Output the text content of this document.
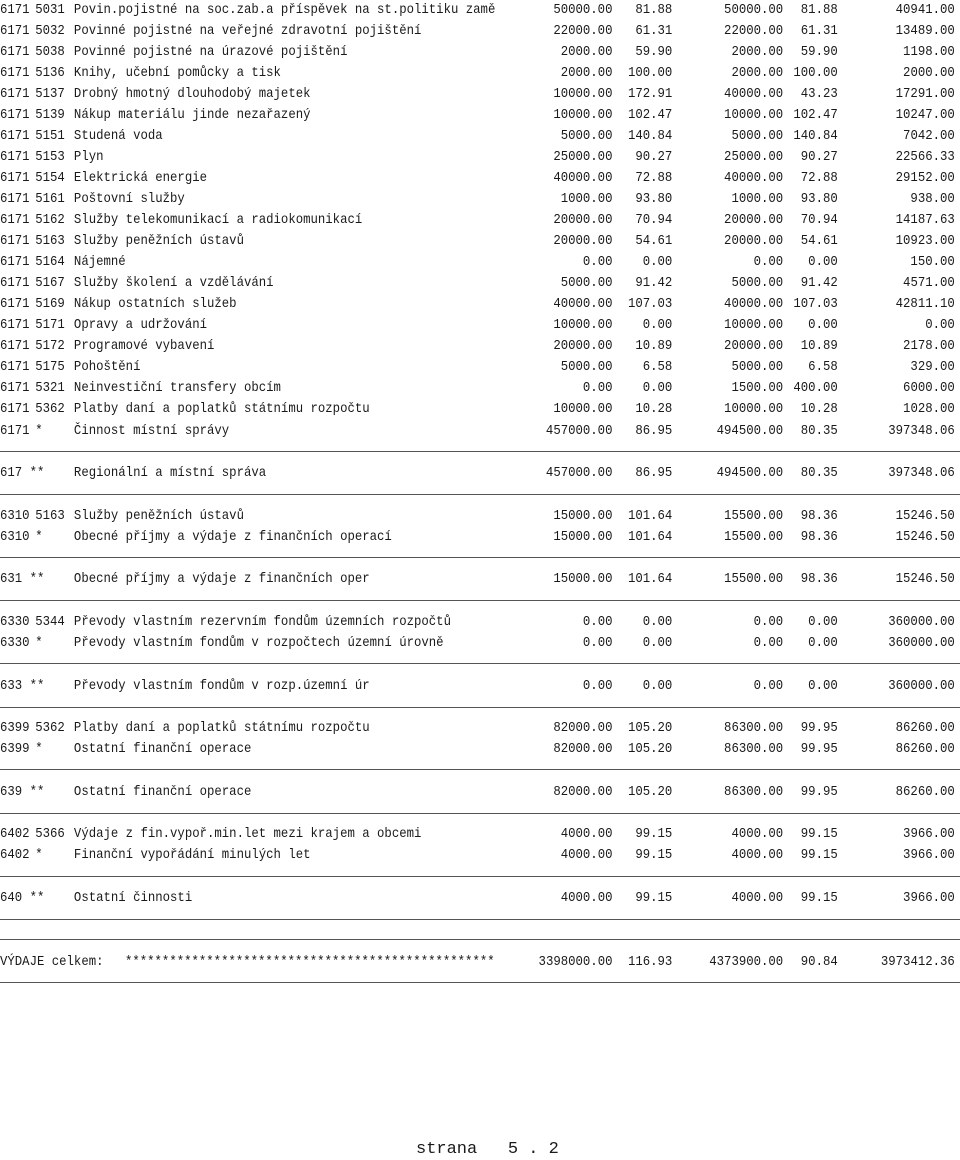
6171 5031 Povin.pojistné na soc.zab.a příspěvek na st.politiku zamě	50000.00	81.88	50000.00	81.88	40941.00
6171 5032 Povinné pojistné na veřejné zdravotní pojištění	22000.00	61.31	22000.00	61.31	13489.00
6171 5038 Povinné pojistné na úrazové pojištění	2000.00	59.90	2000.00	59.90	1198.00
6171 5136 Knihy, učební pomůcky a tisk	2000.00	100.00	2000.00 100.00	2000.00
6171 5137 Drobný hmotný dlouhodobý majetek	10000.00	172.91	40000.00	43.23	17291.00
6171 5139 Nákup materiálu jinde nezařazený	10000.00	102.47	10000.00 102.47	10247.00
6171 5151 Studená voda	5000.00	140.84	5000.00 140.84	7042.00
6171 5153 Plyn	25000.00	90.27	25000.00	90.27	22566.33
6171 5154 Elektrická energie	40000.00	72.88	40000.00	72.88	29152.00
6171 5161 Poštovní služby	1000.00	93.80	1000.00	93.80	938.00
6171 5162 Služby telekomunikací a radiokomunikací	20000.00	70.94	20000.00	70.94	14187.63
6171 5163 Služby peněžních ústavů	20000.00	54.61	20000.00	54.61	10923.00
6171 5164 Nájemné	0.00	0.00	0.00	0.00	150.00
6171 5167 Služby školení a vzdělávání	5000.00	91.42	5000.00	91.42	4571.00
6171 5169 Nákup ostatních služeb	40000.00	107.03	40000.00 107.03	42811.10
6171 5171 Opravy a udržování	10000.00	0.00	10000.00	0.00	0.00
6171 5172 Programové vybavení	20000.00	10.89	20000.00	10.89	2178.00
6171 5175 Pohoštění	5000.00	6.58	5000.00	6.58	329.00
6171 5321 Neinvestiční transfery obcím	0.00	0.00	1500.00 400.00	6000.00
6171 5362 Platby daní a poplatků státnímu rozpočtu	10000.00	10.28	10000.00	10.28	1028.00
6171 * Činnost místní správy	457000.00	86.95	494500.00	80.35	397348.06
617 ** Regionální a místní správa	457000.00	86.95	494500.00	80.35	397348.06
6310 5163 Služby peněžních ústavů	15000.00	101.64	15500.00	98.36	15246.50
6310 * Obecné příjmy a výdaje z finančních operací	15000.00	101.64	15500.00	98.36	15246.50
631 ** Obecné příjmy a výdaje z finančních oper	15000.00	101.64	15500.00	98.36	15246.50
6330 5344 Převody vlastním rezervním fondům územních rozpočtů	0.00	0.00	0.00	0.00	360000.00
6330 * Převody vlastním fondům v rozpočtech územní úrovně	0.00	0.00	0.00	0.00	360000.00
633 ** Převody vlastním fondům v rozp.územní úr	0.00	0.00	0.00	0.00	360000.00
6399 5362 Platby daní a poplatků státnímu rozpočtu	82000.00	105.20	86300.00	99.95	86260.00
6399 * Ostatní finanční operace	82000.00	105.20	86300.00	99.95	86260.00
639 ** Ostatní finanční operace	82000.00	105.20	86300.00	99.95	86260.00
6402 5366 Výdaje z fin.vypoř.min.let mezi krajem a obcemi	4000.00	99.15	4000.00	99.15	3966.00
6402 * Finanční vypořádání minulých let	4000.00	99.15	4000.00	99.15	3966.00
640 ** Ostatní činnosti	4000.00	99.15	4000.00	99.15	3966.00
VÝDAJE celkem: **************************************************	3398000.00	116.93	4373900.00	90.84	3973412.36
strana   5 . 2
